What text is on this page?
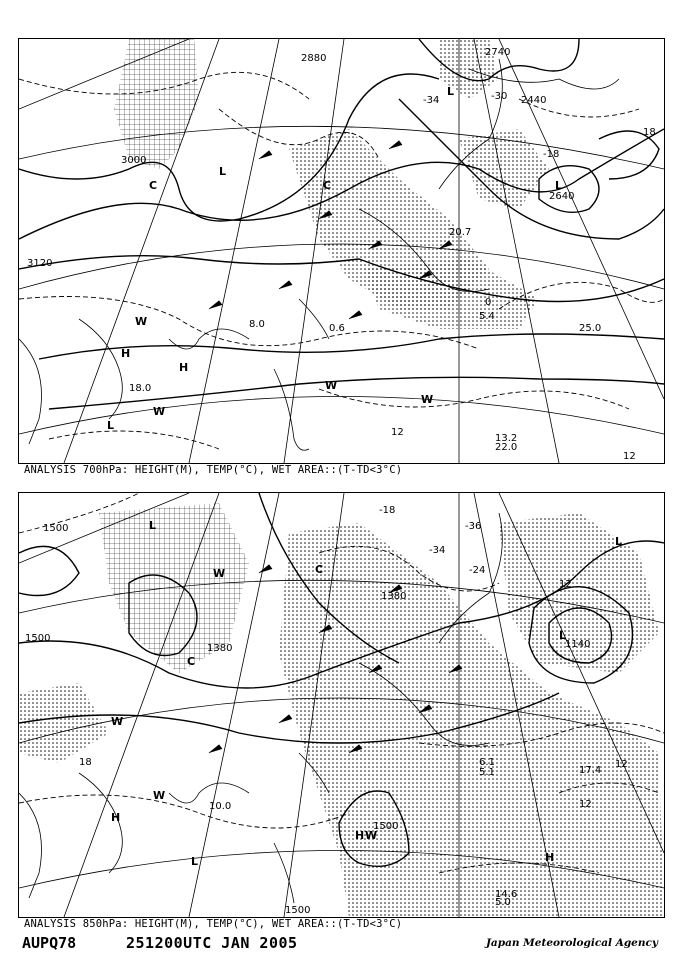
3000
3120
2880
2740
2640
2440
-30
-34
-18
18
12
12
0
L
L
L
L
H
H
W
W
W
W
C	C
13.2
22.0
25.0
18.0
20.7
5.4
8.0	0.6
ANALYSIS 700hPa: HEIGHT(M), TEMP(°C), WET AREA::(T-TD<3°C)
1500
1500
1380
1380
1140
1500
1500
-18
-24
-34
-36
18
12
12
12
L
L
L
L
H
H
H
W
W
W
W
C
C
14.6
5.0
17.4
6.1
5.1
10.0
ANALYSIS 850hPa: HEIGHT(M), TEMP(°C), WET AREA::(T-TD<3°C)
AUPQ78	251200UTC JAN 2005	Japan Meteorological Agency
